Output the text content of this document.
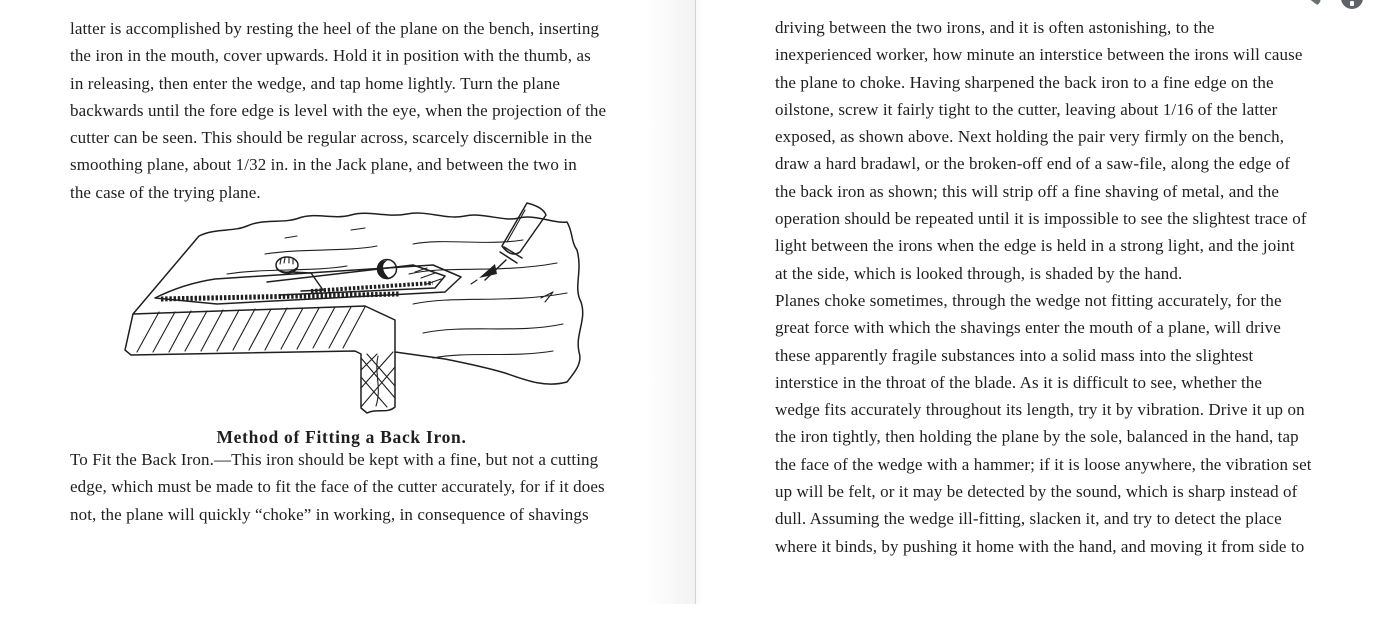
latter is accomplished by resting the heel of the plane on the bench, inserting
the iron in the mouth, cover upwards. Hold it in position with the thumb, as
in releasing, then enter the wedge, and tap home lightly. Turn the plane
backwards until the fore edge is level with the eye, when the projection of the
cutter can be seen. This should be regular across, scarcely discernible in the
smoothing plane, about 1/32 in. in the Jack plane, and between the two in
the case of the trying plane.
Method of Fitting a Back Iron.
To Fit the Back Iron.—This iron should be kept with a fine, but not a cutting
edge, which must be made to fit the face of the cutter accurately, for if it does
not, the plane will quickly “choke” in working, in consequence of shavings
driving between the two irons, and it is often astonishing, to the
inexperienced worker, how minute an interstice between the irons will cause
the plane to choke. Having sharpened the back iron to a fine edge on the
oilstone, screw it fairly tight to the cutter, leaving about 1/16 of the latter
exposed, as shown above. Next holding the pair very firmly on the bench,
draw a hard bradawl, or the broken-off end of a saw-file, along the edge of
the back iron as shown; this will strip off a fine shaving of metal, and the
operation should be repeated until it is impossible to see the slightest trace of
light between the irons when the edge is held in a strong light, and the joint
at the side, which is looked through, is shaded by the hand.
Planes choke sometimes, through the wedge not fitting accurately, for the
great force with which the shavings enter the mouth of a plane, will drive
these apparently fragile substances into a solid mass into the slightest
interstice in the throat of the blade. As it is difficult to see, whether the
wedge fits accurately throughout its length, try it by vibration. Drive it up on
the iron tightly, then holding the plane by the sole, balanced in the hand, tap
the face of the wedge with a hammer; if it is loose anywhere, the vibration set
up will be felt, or it may be detected by the sound, which is sharp instead of
dull. Assuming the wedge ill-fitting, slacken it, and try to detect the place
where it binds, by pushing it home with the hand, and moving it from side to
